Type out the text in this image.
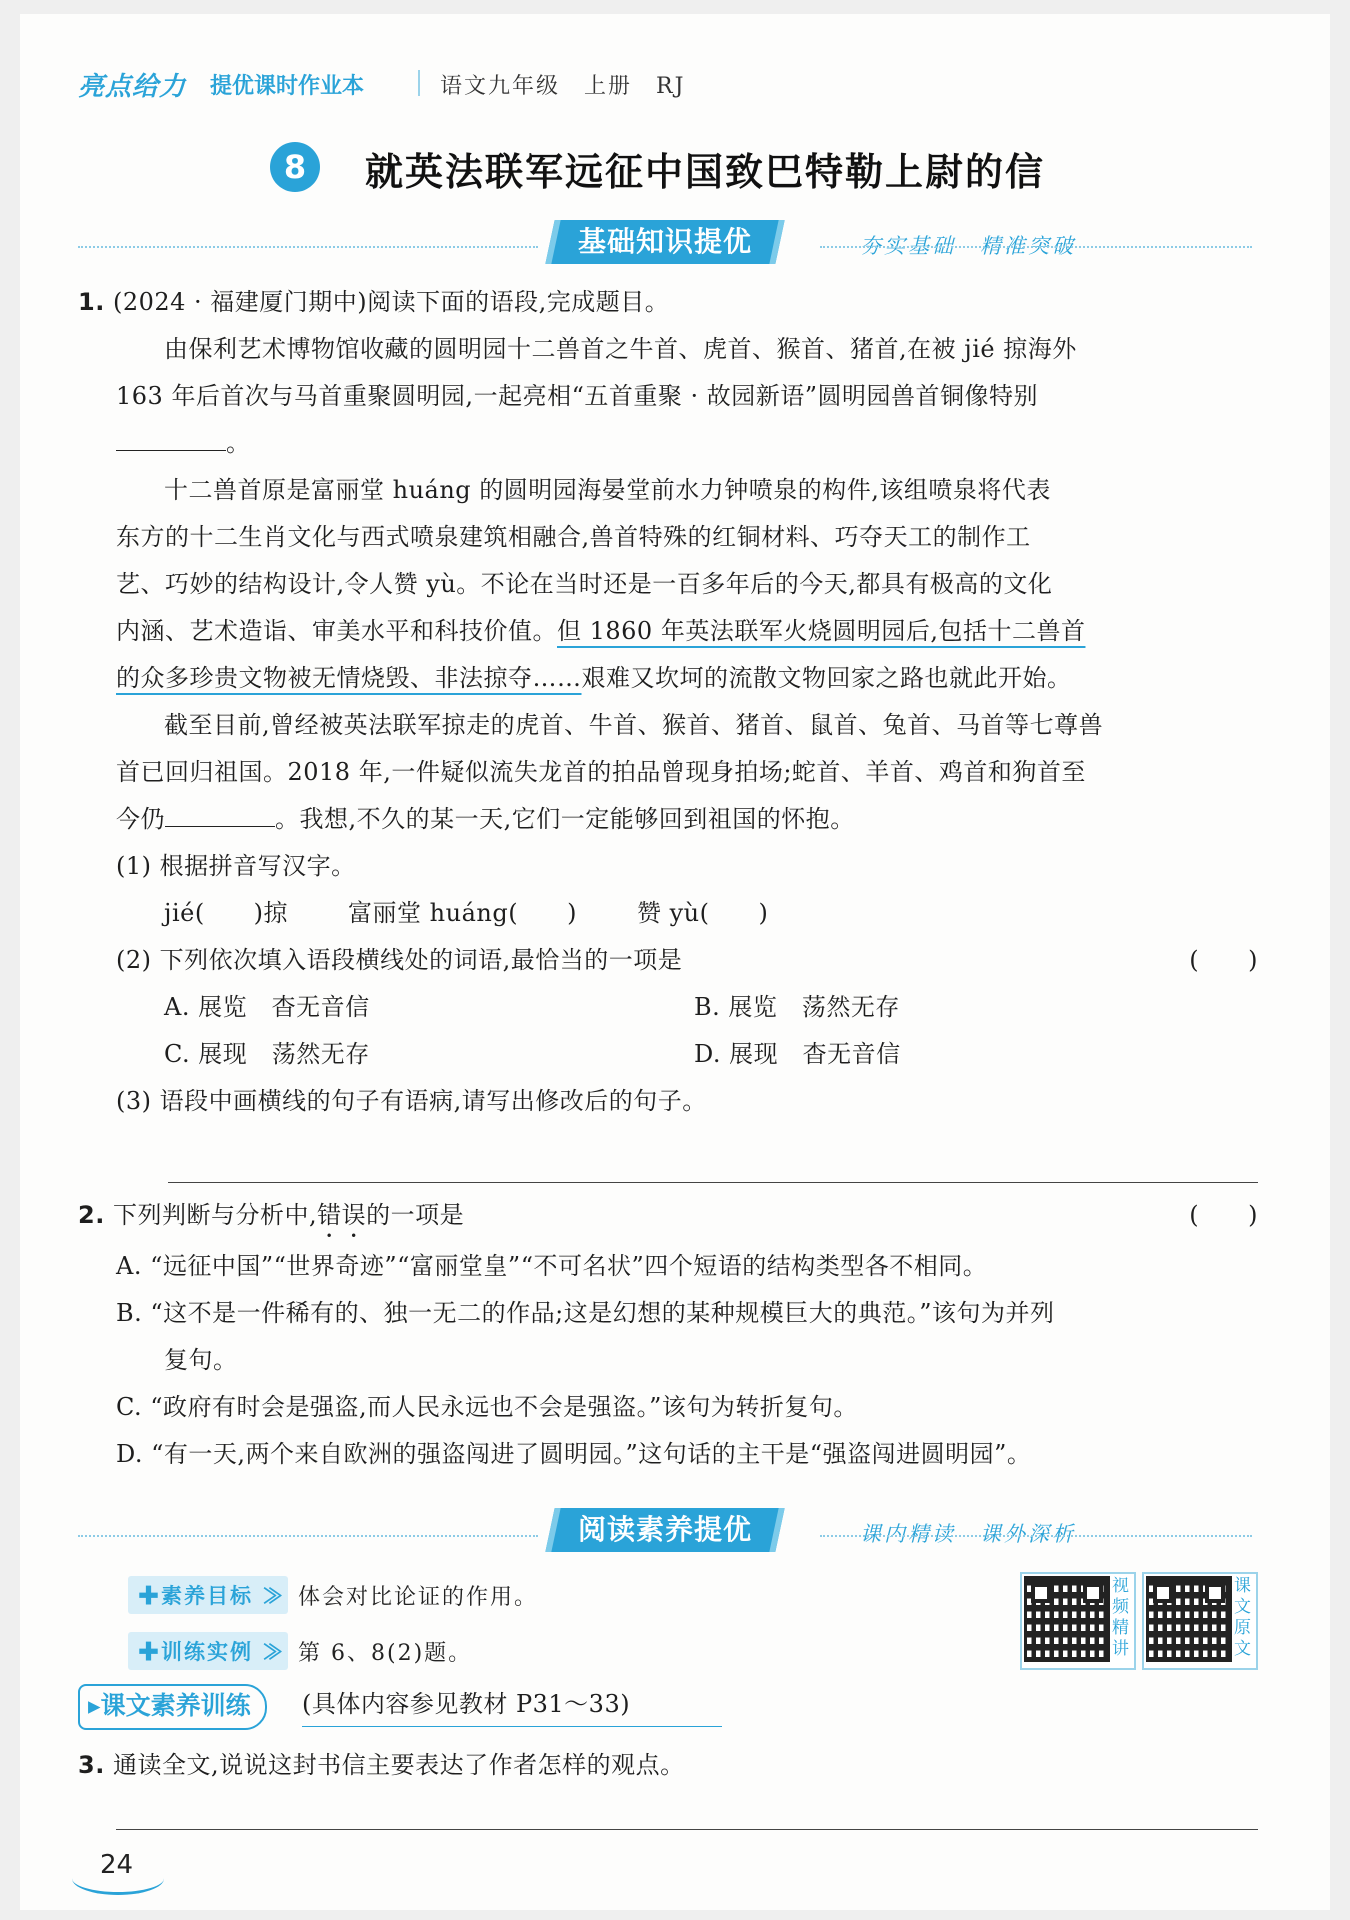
亮点给力 提优课时作业本	语文九年级　上册　RJ
8	就英法联军远征中国致巴特勒上尉的信
基础知识提优	夯实基础　精准突破
1. (2024 · 福建厦门期中)阅读下面的语段,完成题目。
由保利艺术博物馆收藏的圆明园十二兽首之牛首、虎首、猴首、猪首,在被 jié 掠海外
163 年后首次与马首重聚圆明园,一起亮相“五首重聚 · 故园新语”圆明园兽首铜像特别
。
十二兽首原是富丽堂 huáng 的圆明园海晏堂前水力钟喷泉的构件,该组喷泉将代表
东方的十二生肖文化与西式喷泉建筑相融合,兽首特殊的红铜材料、巧夺天工的制作工
艺、巧妙的结构设计,令人赞 yù。不论在当时还是一百多年后的今天,都具有极高的文化
内涵、艺术造诣、审美水平和科技价值。但 1860 年英法联军火烧圆明园后,包括十二兽首
的众多珍贵文物被无情烧毁、非法掠夺……艰难又坎坷的流散文物回家之路也就此开始。
截至目前,曾经被英法联军掠走的虎首、牛首、猴首、猪首、鼠首、兔首、马首等七尊兽
首已回归祖国。2018 年,一件疑似流失龙首的拍品曾现身拍场;蛇首、羊首、鸡首和狗首至
今仍	。我想,不久的某一天,它们一定能够回到祖国的怀抱。
(1) 根据拼音写汉字。
jié(　　)掠	富丽堂 huáng(　　)	赞 yù(　　)
(2) 下列依次填入语段横线处的词语,最恰当的一项是	(　　)
A. 展览　杳无音信	B. 展览　荡然无存
C. 展现　荡然无存	D. 展现　杳无音信
(3) 语段中画横线的句子有语病,请写出修改后的句子。
2. 下列判断与分析中,错误的一项是	(　　)
A. “远征中国”“世界奇迹”“富丽堂皇”“不可名状”四个短语的结构类型各不相同。
B. “这不是一件稀有的、独一无二的作品;这是幻想的某种规模巨大的典范。”该句为并列
复句。
C. “政府有时会是强盗,而人民永远也不会是强盗。”该句为转折复句。
D. “有一天,两个来自欧洲的强盗闯进了圆明园。”这句话的主干是“强盗闯进圆明园”。
阅读素养提优	课内精读　课外深析
✚素养目标 ≫ 体会对比论证的作用。
✚训练实例 ≫ 第 6、8(2)题。
视频精讲
课文原文
▸课文素养训练	(具体内容参见教材 P31～33)
3. 通读全文,说说这封书信主要表达了作者怎样的观点。
24
